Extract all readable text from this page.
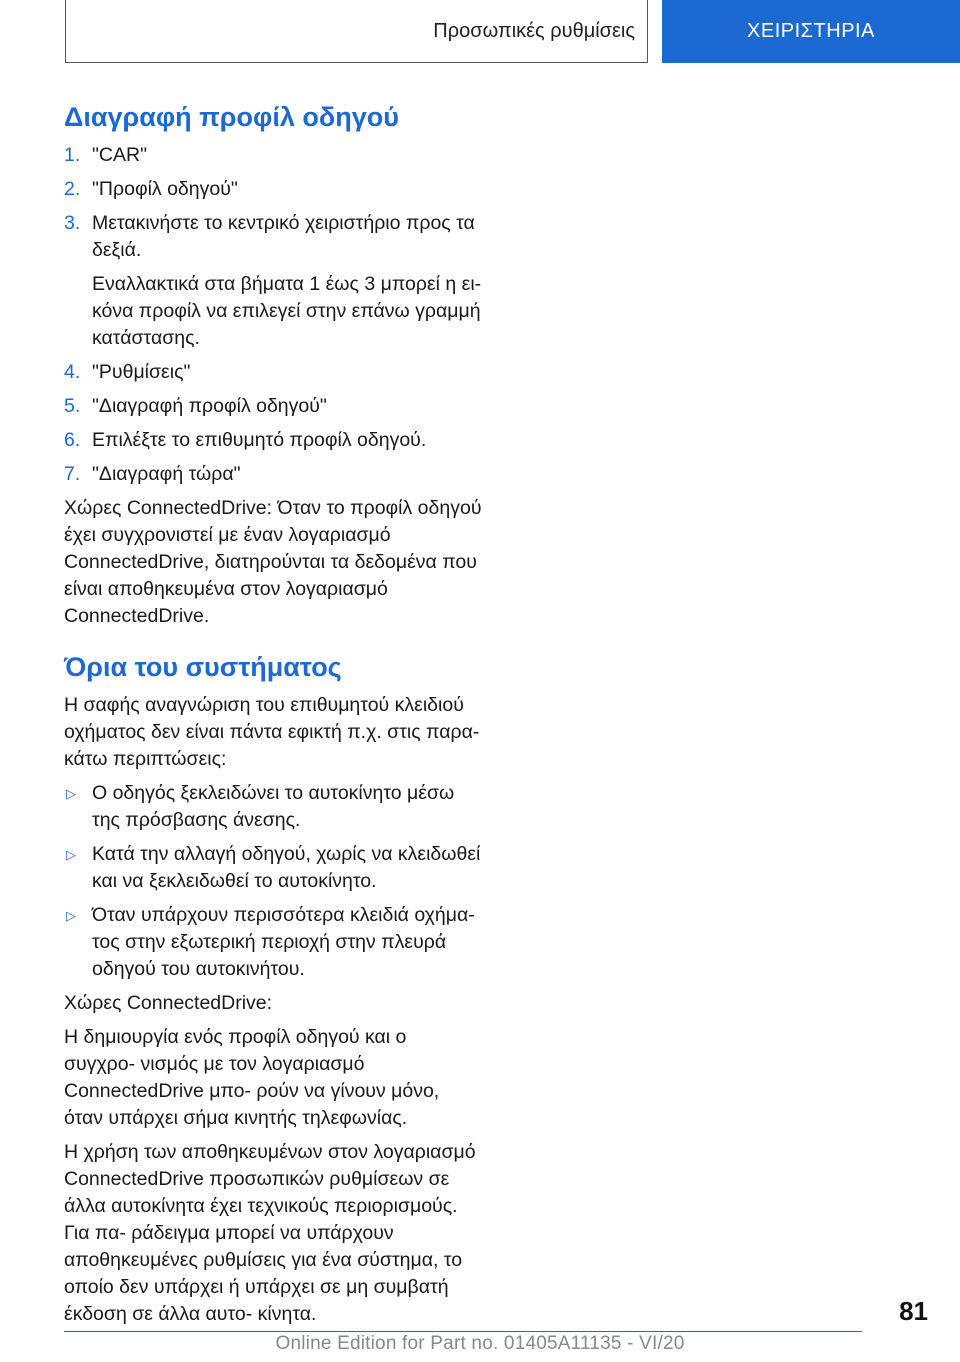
Προσωπικές ρυθμίσεις	ΧΕΙΡΙΣΤΗΡΙΑ
Διαγραφή προφίλ οδηγού
1. "CAR"

2. "Προφίλ οδηγού"

3. Μετακινήστε το κεντρικό χειριστήριο προς τα δεξιά.

Εναλλακτικά στα βήματα 1 έως 3 μπορεί η ει- κόνα προφίλ να επιλεγεί στην επάνω γραμμή κατάστασης.

4. "Ρυθμίσεις"

5. "Διαγραφή προφίλ οδηγού"

6. Επιλέξτε το επιθυμητό προφίλ οδηγού.

7. "Διαγραφή τώρα"

Χώρες ConnectedDrive: Όταν το προφίλ οδηγού έχει συγχρονιστεί με έναν λογαριασμό ConnectedDrive, διατηρούνται τα δεδομένα που είναι αποθηκευμένα στον λογαριασμό ConnectedDrive.

Όρια του συστήματος

Η σαφής αναγνώριση του επιθυμητού κλειδιού οχήματος δεν είναι πάντα εφικτή π.χ. στις παρα- κάτω περιπτώσεις:

▷ Ο οδηγός ξεκλειδώνει το αυτοκίνητο μέσω της πρόσβασης άνεσης.
▷ Κατά την αλλαγή οδηγού, χωρίς να κλειδωθεί και να ξεκλειδωθεί το αυτοκίνητο.
▷ Όταν υπάρχουν περισσότερα κλειδιά οχήμα- τος στην εξωτερική περιοχή στην πλευρά οδηγού του αυτοκινήτου.

Χώρες ConnectedDrive:

Η δημιουργία ενός προφίλ οδηγού και ο συγχρο- νισμός με τον λογαριασμό ConnectedDrive μπο- ρούν να γίνουν μόνο, όταν υπάρχει σήμα κινητής τηλεφωνίας.

Η χρήση των αποθηκευμένων στον λογαριασμό ConnectedDrive προσωπικών ρυθμίσεων σε άλλα αυτοκίνητα έχει τεχνικούς περιορισμούς. Για πα- ράδειγμα μπορεί να υπάρχουν αποθηκευμένες ρυθμίσεις για ένα σύστημα, το οποίο δεν υπάρχει ή υπάρχει σε μη συμβατή έκδοση σε άλλα αυτο- κίνητα.	81
Online Edition for Part no. 01405A11135 - VI/20
